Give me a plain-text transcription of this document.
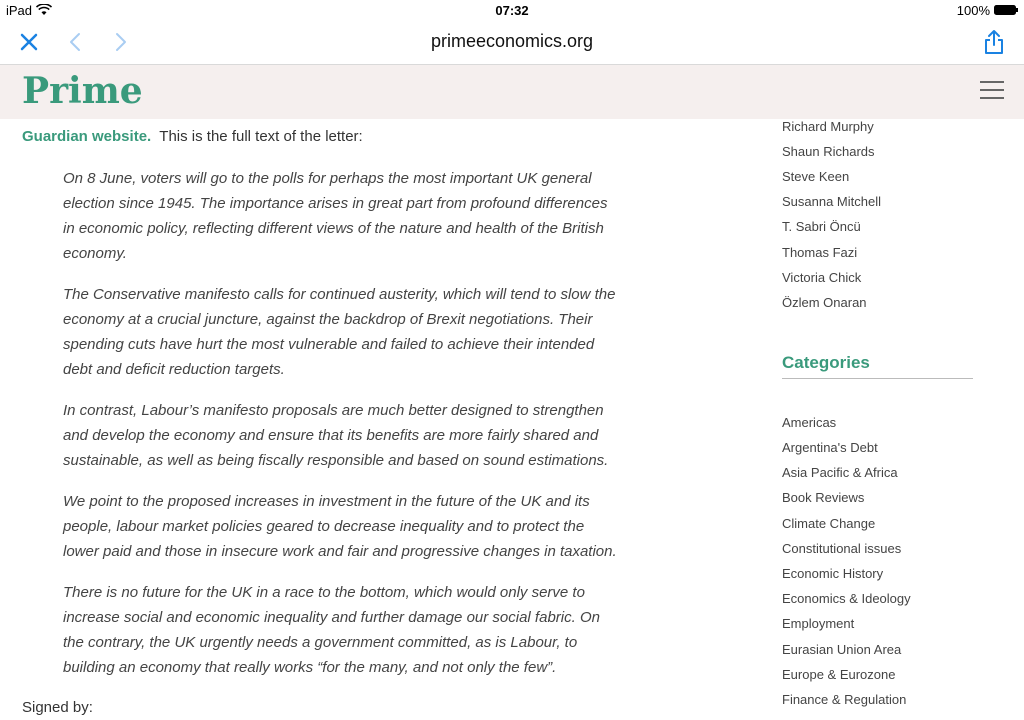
iPad	07:32	100%
primeeconomics.org
Prime
Guardian website. This is the full text of the letter:
On 8 June, voters will go to the polls for perhaps the most important UK general election since 1945. The importance arises in great part from profound differences in economic policy, reflecting different views of the nature and health of the British economy.
The Conservative manifesto calls for continued austerity, which will tend to slow the economy at a crucial juncture, against the backdrop of Brexit negotiations. Their spending cuts have hurt the most vulnerable and failed to achieve their intended debt and deficit reduction targets.
In contrast, Labour’s manifesto proposals are much better designed to strengthen and develop the economy and ensure that its benefits are more fairly shared and sustainable, as well as being fiscally responsible and based on sound estimations.
We point to the proposed increases in investment in the future of the UK and its people, labour market policies geared to decrease inequality and to protect the lower paid and those in insecure work and fair and progressive changes in taxation.
There is no future for the UK in a race to the bottom, which would only serve to increase social and economic inequality and further damage our social fabric. On the contrary, the UK urgently needs a government committed, as is Labour, to building an economy that really works “for the many, and not only the few”.
Signed by:
Richard Murphy
Shaun Richards
Steve Keen
Susanna Mitchell
T. Sabri Öncü
Thomas Fazi
Victoria Chick
Özlem Onaran
Categories
Americas
Argentina's Debt
Asia Pacific & Africa
Book Reviews
Climate Change
Constitutional issues
Economic History
Economics & Ideology
Employment
Eurasian Union Area
Europe & Eurozone
Finance & Regulation
